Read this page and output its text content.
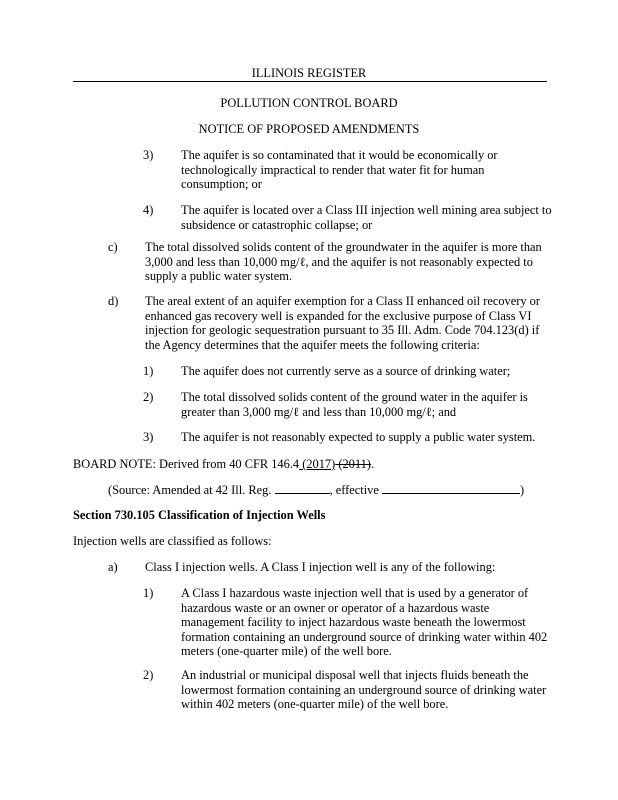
ILLINOIS REGISTER
POLLUTION CONTROL BOARD
NOTICE OF PROPOSED AMENDMENTS
3) The aquifer is so contaminated that it would be economically or technologically impractical to render that water fit for human consumption; or
4) The aquifer is located over a Class III injection well mining area subject to subsidence or catastrophic collapse; or
c) The total dissolved solids content of the groundwater in the aquifer is more than 3,000 and less than 10,000 mg/ℓ, and the aquifer is not reasonably expected to supply a public water system.
d) The areal extent of an aquifer exemption for a Class II enhanced oil recovery or enhanced gas recovery well is expanded for the exclusive purpose of Class VI injection for geologic sequestration pursuant to 35 Ill. Adm. Code 704.123(d) if the Agency determines that the aquifer meets the following criteria:
1) The aquifer does not currently serve as a source of drinking water;
2) The total dissolved solids content of the ground water in the aquifer is greater than 3,000 mg/ℓ and less than 10,000 mg/ℓ; and
3) The aquifer is not reasonably expected to supply a public water system.
BOARD NOTE: Derived from 40 CFR 146.4 (2017) (2011).
(Source: Amended at 42 Ill. Reg.	, effective	)
Section 730.105 Classification of Injection Wells
Injection wells are classified as follows:
a) Class I injection wells. A Class I injection well is any of the following:
1) A Class I hazardous waste injection well that is used by a generator of hazardous waste or an owner or operator of a hazardous waste management facility to inject hazardous waste beneath the lowermost formation containing an underground source of drinking water within 402 meters (one-quarter mile) of the well bore.
2) An industrial or municipal disposal well that injects fluids beneath the lowermost formation containing an underground source of drinking water within 402 meters (one-quarter mile) of the well bore.
